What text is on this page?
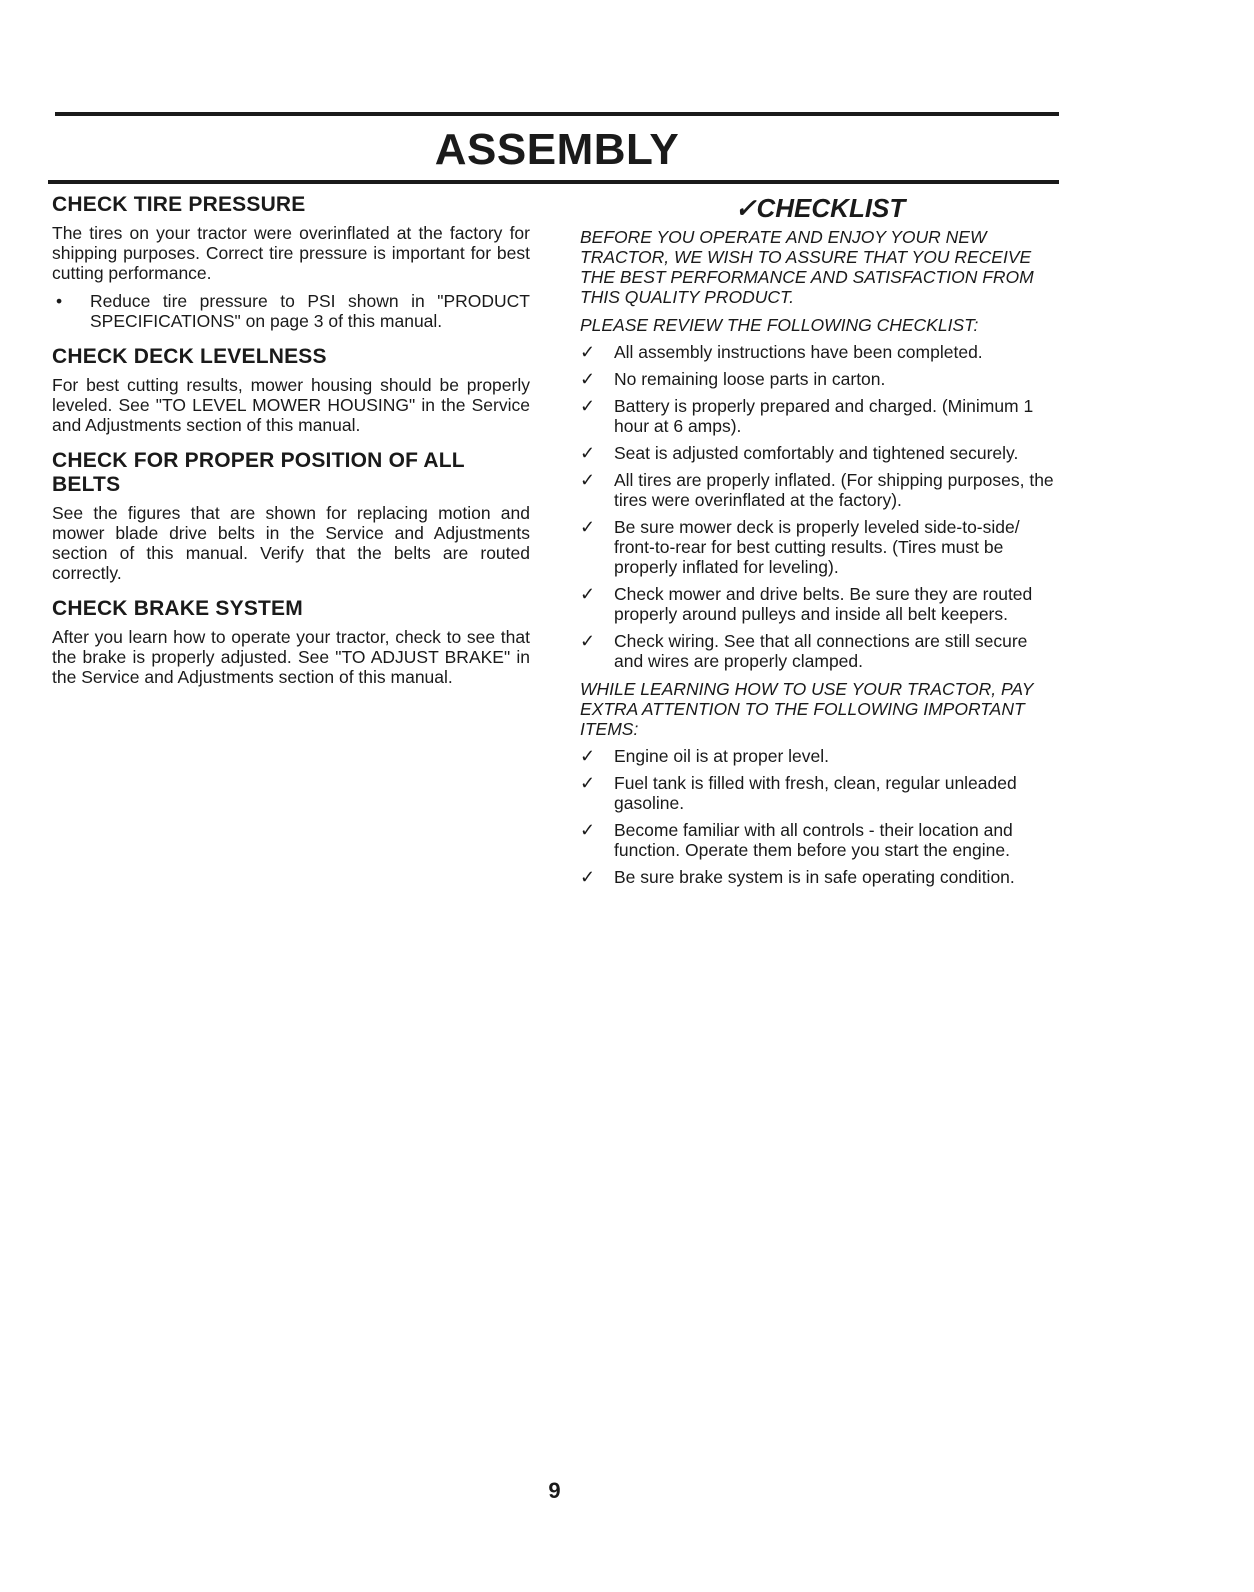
ASSEMBLY
CHECK TIRE PRESSURE

The tires on your tractor were overinflated at the factory for shipping purposes. Correct tire pressure is important for best cutting performance.

•	Reduce tire pressure to PSI shown in "PRODUCT SPECIFICATIONS" on page 3 of this manual.
CHECK DECK LEVELNESS

For best cutting results, mower housing should be properly leveled. See "TO LEVEL MOWER HOUSING" in the Service and Adjustments section of this manual.

CHECK FOR PROPER POSITION OF ALL BELTS

See the figures that are shown for replacing motion and mower blade drive belts in the Service and Adjustments section of this manual. Verify that the belts are routed correctly.

CHECK BRAKE SYSTEM

After you learn how to operate your tractor, check to see that the brake is properly adjusted. See "TO ADJUST BRAKE" in the Service and Adjustments section of this manual.

✓CHECKLIST

BEFORE YOU OPERATE AND ENJOY YOUR NEW TRACTOR, WE WISH TO ASSURE THAT YOU RECEIVE THE BEST PERFORMANCE AND SATISFACTION FROM THIS QUALITY PRODUCT.

PLEASE REVIEW THE FOLLOWING CHECKLIST:

✓	All assembly instructions have been completed.
✓	No remaining loose parts in carton.
✓	Battery is properly prepared and charged. (Minimum 1 hour at 6 amps).
✓	Seat is adjusted comfortably and tightened securely.
✓	All tires are properly inflated. (For shipping purposes, the tires were overinflated at the factory).
✓	Be sure mower deck is properly leveled side-to-side/ front-to-rear for best cutting results. (Tires must be properly inflated for leveling).
✓	Check mower and drive belts. Be sure they are routed properly around pulleys and inside all belt keepers.
✓	Check wiring. See that all connections are still secure and wires are properly clamped.

WHILE LEARNING HOW TO USE YOUR TRACTOR, PAY EXTRA ATTENTION TO THE FOLLOWING IMPORTANT ITEMS:

✓	Engine oil is at proper level.
✓	Fuel tank is filled with fresh, clean, regular unleaded gasoline.
✓	Become familiar with all controls - their location and function. Operate them before you start the engine.
✓	Be sure brake system is in safe operating condition.
9
